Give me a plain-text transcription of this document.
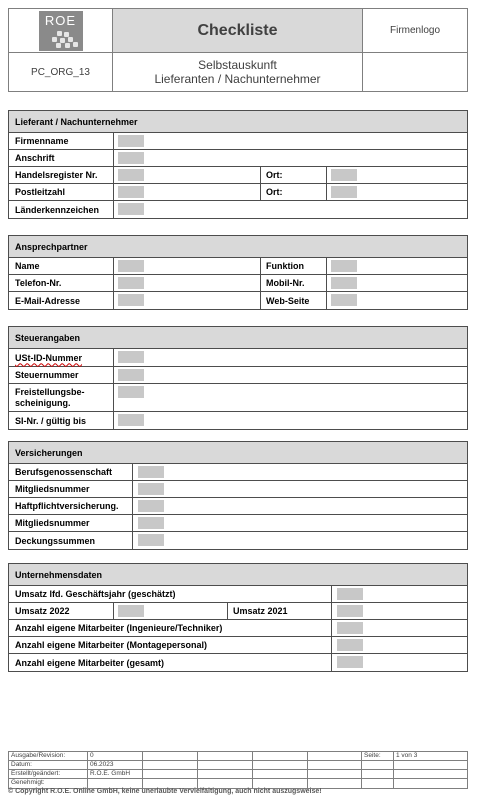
ROE
Checkliste	Firmenlogo
PC_ORG_13	Selbstauskunft
Lieferanten / Nachunternehmer
Lieferant / Nachunternehmer
Firmenname
Anschrift
Handelsregister Nr.	Ort:
Postleitzahl	Ort:
Länderkennzeichen
Ansprechpartner
Name	Funktion
Telefon-Nr.	Mobil-Nr.
E-Mail-Adresse	Web-Seite
Steuerangaben
USt-ID-Nummer
Steuernummer
Freistellungsbe-
scheinigung.
SI-Nr. / gültig bis
Versicherungen
Berufsgenossenschaft
Mitgliedsnummer
Haftpflichtversicherung.
Mitgliedsnummer
Deckungssummen
Unternehmensdaten
Umsatz lfd. Geschäftsjahr (geschätzt)
Umsatz 2022	Umsatz 2021
Anzahl eigene Mitarbeiter (Ingenieure/Techniker)
Anzahl eigene Mitarbeiter (Montagepersonal)
Anzahl eigene Mitarbeiter (gesamt)
Ausgabe/Revision:	0	Seite: 1 von 3
Datum:	06.2023
Erstellt/geändert:	R.O.E. GmbH
Genehmigt:
© Copyright R.O.E. Online GmbH, keine unerlaubte Vervielfältigung, auch nicht auszugsweise!
